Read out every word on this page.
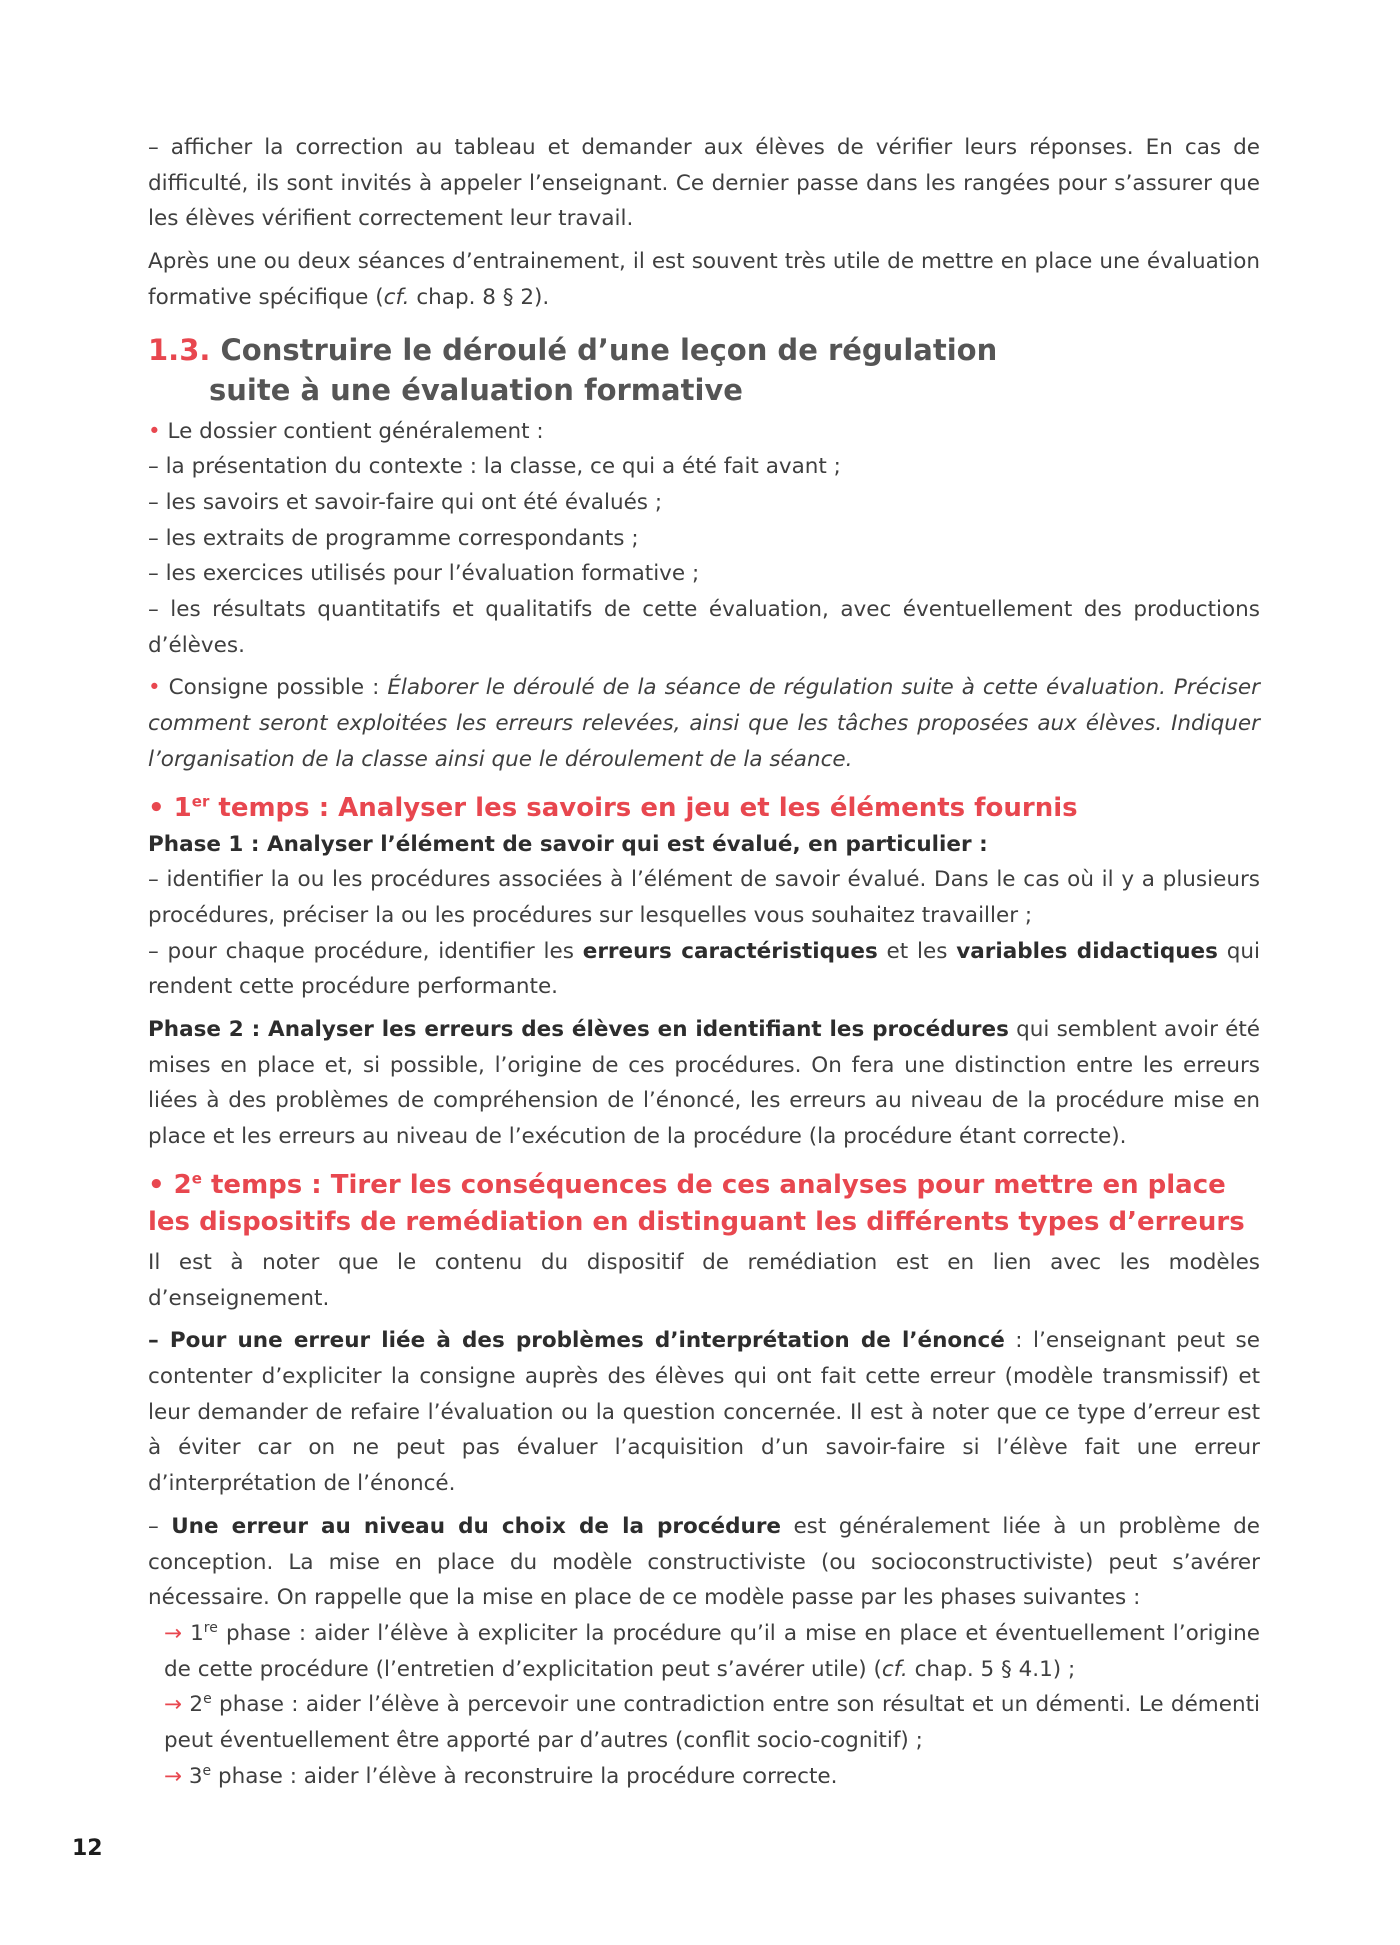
– afficher la correction au tableau et demander aux élèves de vérifier leurs réponses. En cas de difficulté, ils sont invités à appeler l’enseignant. Ce dernier passe dans les rangées pour s’assurer que les élèves vérifient correctement leur travail.

Après une ou deux séances d’entrainement, il est souvent très utile de mettre en place une évaluation formative spécifique (cf. chap. 8 § 2).

1.3. Construire le déroulé d’une leçon de régulation
suite à une évaluation formative

• Le dossier contient généralement :

– la présentation du contexte : la classe, ce qui a été fait avant ;

– les savoirs et savoir-faire qui ont été évalués ;

– les extraits de programme correspondants ;

– les exercices utilisés pour l’évaluation formative ;

– les résultats quantitatifs et qualitatifs de cette évaluation, avec éventuellement des productions d’élèves.

• Consigne possible : Élaborer le déroulé de la séance de régulation suite à cette évaluation. Préciser comment seront exploitées les erreurs relevées, ainsi que les tâches proposées aux élèves. Indiquer l’organisation de la classe ainsi que le déroulement de la séance.

• 1er temps : Analyser les savoirs en jeu et les éléments fournis

Phase 1 : Analyser l’élément de savoir qui est évalué, en particulier :

– identifier la ou les procédures associées à l’élément de savoir évalué. Dans le cas où il y a plusieurs procédures, préciser la ou les procédures sur lesquelles vous souhaitez travailler ;

– pour chaque procédure, identifier les erreurs caractéristiques et les variables didactiques qui rendent cette procédure performante.

Phase 2 : Analyser les erreurs des élèves en identifiant les procédures qui semblent avoir été mises en place et, si possible, l’origine de ces procédures. On fera une distinction entre les erreurs liées à des problèmes de compréhension de l’énoncé, les erreurs au niveau de la procédure mise en place et les erreurs au niveau de l’exécution de la procédure (la procédure étant correcte).

• 2e temps : Tirer les conséquences de ces analyses pour mettre en place les dispositifs de remédiation en distinguant les différents types d’erreurs

Il est à noter que le contenu du dispositif de remédiation est en lien avec les modèles d’enseignement.

– Pour une erreur liée à des problèmes d’interprétation de l’énoncé : l’enseignant peut se contenter d’expliciter la consigne auprès des élèves qui ont fait cette erreur (modèle transmissif) et leur demander de refaire l’évaluation ou la question concernée. Il est à noter que ce type d’erreur est à éviter car on ne peut pas évaluer l’acquisition d’un savoir-faire si l’élève fait une erreur d’interprétation de l’énoncé.

– Une erreur au niveau du choix de la procédure est généralement liée à un problème de conception. La mise en place du modèle constructiviste (ou socioconstructiviste) peut s’avérer nécessaire. On rappelle que la mise en place de ce modèle passe par les phases suivantes :

→ 1re phase : aider l’élève à expliciter la procédure qu’il a mise en place et éventuellement l’origine de cette procédure (l’entretien d’explicitation peut s’avérer utile) (cf. chap. 5 § 4.1) ;

→ $2^e$ phase : aider l’élève à percevoir une contradiction entre son résultat et un démenti. Le démenti peut éventuellement être apporté par d’autres (conflit socio-cognitif) ;

→ $3^e$ phase : aider l’élève à reconstruire la procédure correcte.

12
